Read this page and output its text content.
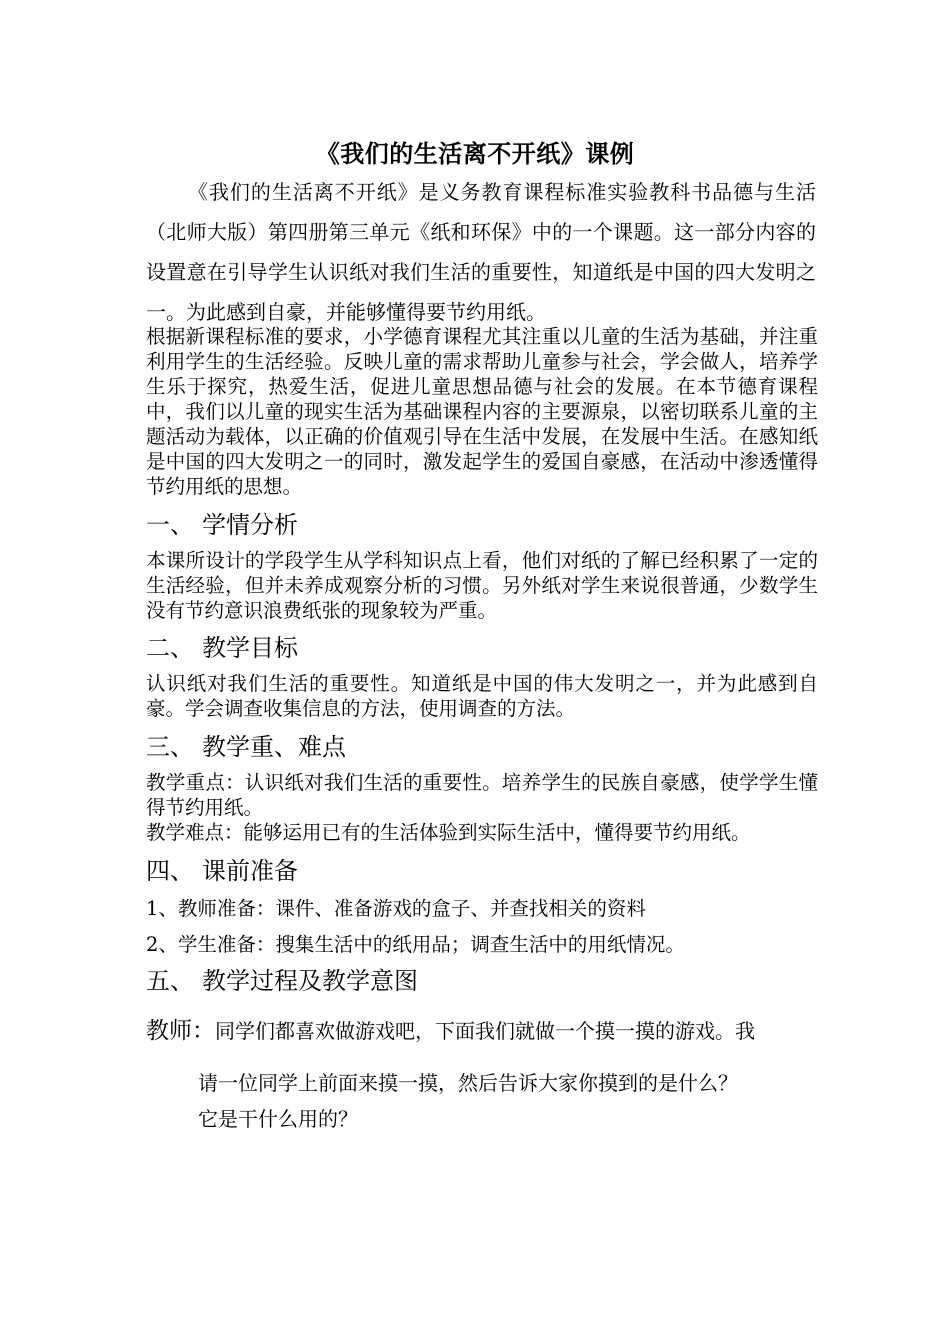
《我们的生活离不开纸》课例
《我们的生活离不开纸》是义务教育课程标准实验教科书品德与生活（北师大版）第四册第三单元《纸和环保》中的一个课题。这一部分内容的设置意在引导学生认识纸对我们生活的重要性，知道纸是中国的四大发明之一。为此感到自豪，并能够懂得要节约用纸。
根据新课程标准的要求，小学德育课程尤其注重以儿童的生活为基础，并注重利用学生的生活经验。反映儿童的需求帮助儿童参与社会，学会做人，培养学生乐于探究，热爱生活，促进儿童思想品德与社会的发展。在本节德育课程中，我们以儿童的现实生活为基础课程内容的主要源泉，以密切联系儿童的主题活动为载体，以正确的价值观引导在生活中发展，在发展中生活。在感知纸是中国的四大发明之一的同时，激发起学生的爱国自豪感，在活动中渗透懂得节约用纸的思想。
一、 学情分析
本课所设计的学段学生从学科知识点上看，他们对纸的了解已经积累了一定的生活经验，但并未养成观察分析的习惯。另外纸对学生来说很普通，少数学生没有节约意识浪费纸张的现象较为严重。
二、 教学目标
认识纸对我们生活的重要性。知道纸是中国的伟大发明之一，并为此感到自豪。学会调查收集信息的方法，使用调查的方法。
三、 教学重、难点
教学重点：认识纸对我们生活的重要性。培养学生的民族自豪感，使学学生懂得节约用纸。
教学难点：能够运用已有的生活体验到实际生活中，懂得要节约用纸。
四、 课前准备
1、教师准备：课件、准备游戏的盒子、并查找相关的资料
2、学生准备：搜集生活中的纸用品；调查生活中的用纸情况。
五、 教学过程及教学意图
教师：同学们都喜欢做游戏吧，下面我们就做一个摸一摸的游戏。我
请一位同学上前面来摸一摸，然后告诉大家你摸到的是什么？
它是干什么用的？
